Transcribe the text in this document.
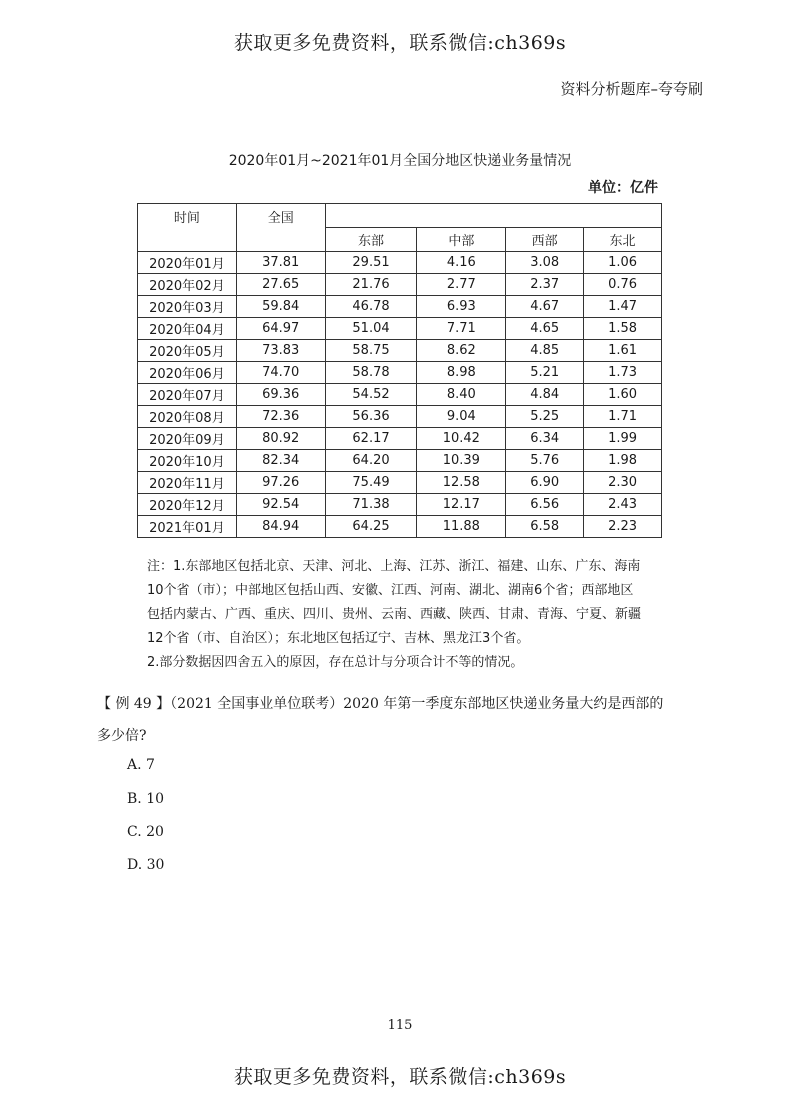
获取更多免费资料，联系微信:ch369s
资料分析题库–夸夸刷
2020年01月~2021年01月全国分地区快递业务量情况
单位：亿件
时间	全国				
		东部	中部	西部	东北
2020年01月	37.81	29.51	4.16	3.08	1.06
2020年02月	27.65	21.76	2.77	2.37	0.76
2020年03月	59.84	46.78	6.93	4.67	1.47
2020年04月	64.97	51.04	7.71	4.65	1.58
2020年05月	73.83	58.75	8.62	4.85	1.61
2020年06月	74.70	58.78	8.98	5.21	1.73
2020年07月	69.36	54.52	8.40	4.84	1.60
2020年08月	72.36	56.36	9.04	5.25	1.71
2020年09月	80.92	62.17	10.42	6.34	1.99
2020年10月	82.34	64.20	10.39	5.76	1.98
2020年11月	97.26	75.49	12.58	6.90	2.30
2020年12月	92.54	71.38	12.17	6.56	2.43
2021年01月	84.94	64.25	11.88	6.58	2.23

注：1.东部地区包括北京、天津、河北、上海、江苏、浙江、福建、山东、广东、海南

10个省（市）；中部地区包括山西、安徽、江西、河南、湖北、湖南6个省；西部地区

包括内蒙古、广西、重庆、四川、贵州、云南、西藏、陕西、甘肃、青海、宁夏、新疆

12个省（市、自治区）；东北地区包括辽宁、吉林、黑龙江3个省。

2.部分数据因四舍五入的原因，存在总计与分项合计不等的情况。

【 例 49 】（2021 全国事业单位联考）2020 年第一季度东部地区快递业务量大约是西部的

多少倍?

A. 7
B. 10
C. 20
D. 30
115
获取更多免费资料，联系微信:ch369s
